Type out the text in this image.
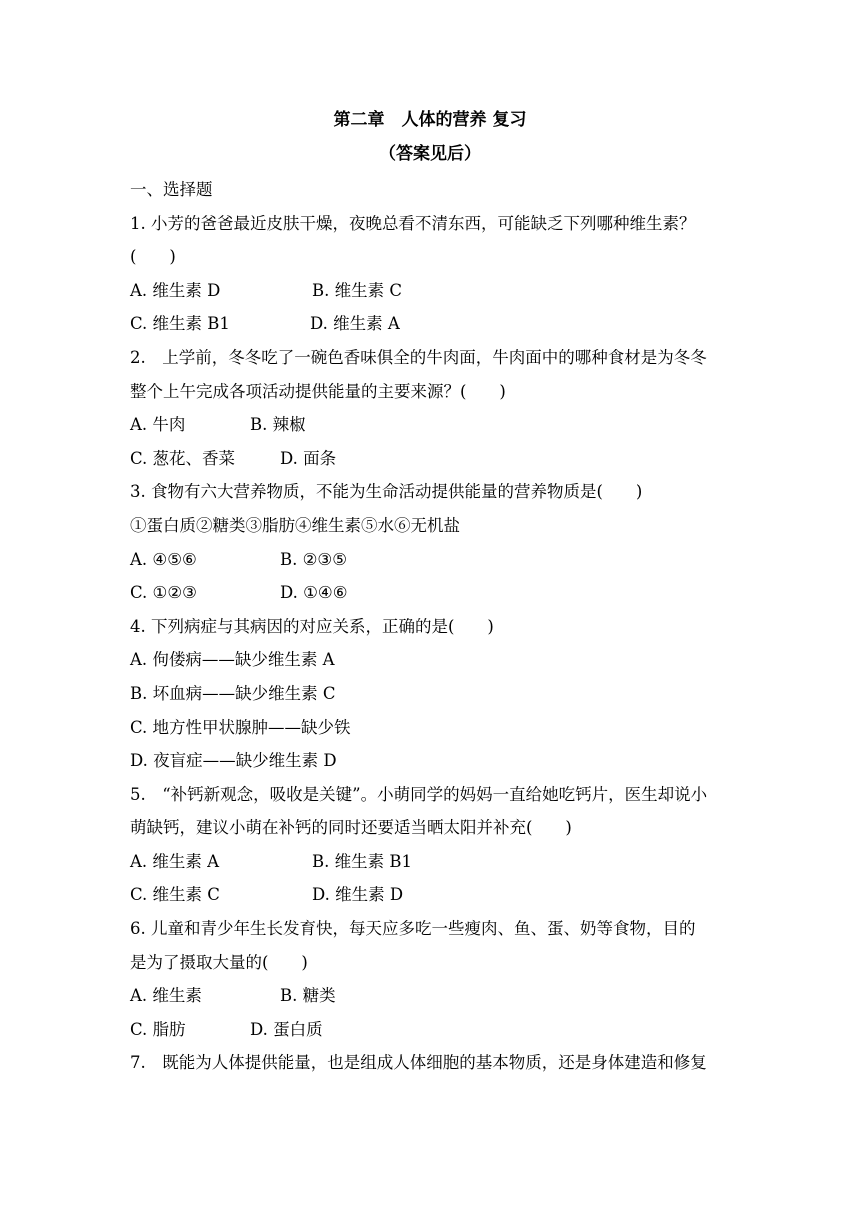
第二章　人体的营养 复习
（答案见后）
一、选择题
1. 小芳的爸爸最近皮肤干燥，夜晚总看不清东西，可能缺乏下列哪种维生素？
(　　)
A. 维生素 D	B. 维生素 C
C. 维生素 B1	D. 维生素 A
2.　上学前，冬冬吃了一碗色香味俱全的牛肉面，牛肉面中的哪种食材是为冬冬
整个上午完成各项活动提供能量的主要来源？(　　)
A. 牛肉	B. 辣椒
C. 葱花、香菜	D. 面条
3. 食物有六大营养物质，不能为生命活动提供能量的营养物质是(　　)
①蛋白质②糖类③脂肪④维生素⑤水⑥无机盐
A. ④⑤⑥	B. ②③⑤
C. ①②③	D. ①④⑥
4. 下列病症与其病因的对应关系，正确的是(　　)
A. 佝偻病——缺少维生素 A
B. 坏血病——缺少维生素 C
C. 地方性甲状腺肿——缺少铁
D. 夜盲症——缺少维生素 D
5.　“补钙新观念，吸收是关键”。小萌同学的妈妈一直给她吃钙片，医生却说小
萌缺钙，建议小萌在补钙的同时还要适当晒太阳并补充(　　)
A. 维生素 A	B. 维生素 B1
C. 维生素 C	D. 维生素 D
6. 儿童和青少年生长发育快，每天应多吃一些瘦肉、鱼、蛋、奶等食物，目的
是为了摄取大量的(　　)
A. 维生素	B. 糖类
C. 脂肪	D. 蛋白质
7.　既能为人体提供能量，也是组成人体细胞的基本物质，还是身体建造和修复
